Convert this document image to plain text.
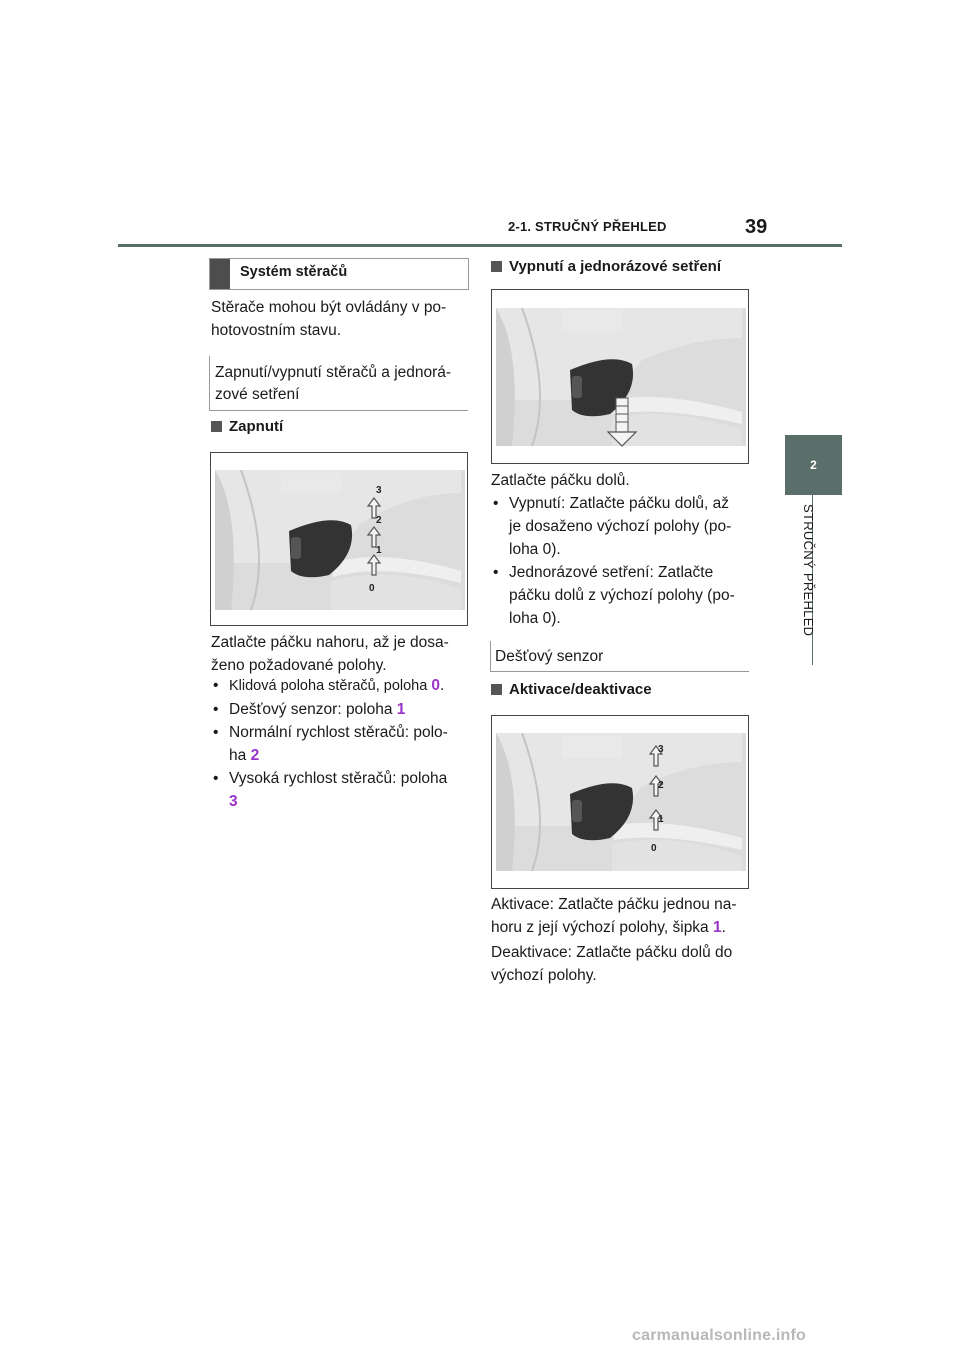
2-1. STRUČNÝ PŘEHLED	39
2
STRUČNÝ PŘEHLED
Systém stěračů
Stěrače mohou být ovládány v po-
hotovostním stavu.
Zapnutí/vypnutí stěračů a jednorá-
zové setření
Zapnutí
3
2
1
0
Zatlačte páčku nahoru, až je dosa-
ženo požadované polohy.
• Klidová poloha stěračů, poloha 0.
• Dešťový senzor: poloha 1
• Normální rychlost stěračů: polo-
ha 2
• Vysoká rychlost stěračů: poloha
3
Vypnutí a jednorázové setření
Zatlačte páčku dolů.
• Vypnutí: Zatlačte páčku dolů, až
je dosaženo výchozí polohy (po-
loha 0).
• Jednorázové setření: Zatlačte
páčku dolů z výchozí polohy (po-
loha 0).
Dešťový senzor
Aktivace/deaktivace
3
2
1
0
Aktivace: Zatlačte páčku jednou na-
horu z její výchozí polohy, šipka 1.
Deaktivace: Zatlačte páčku dolů do
výchozí polohy.
carmanualsonline.info
